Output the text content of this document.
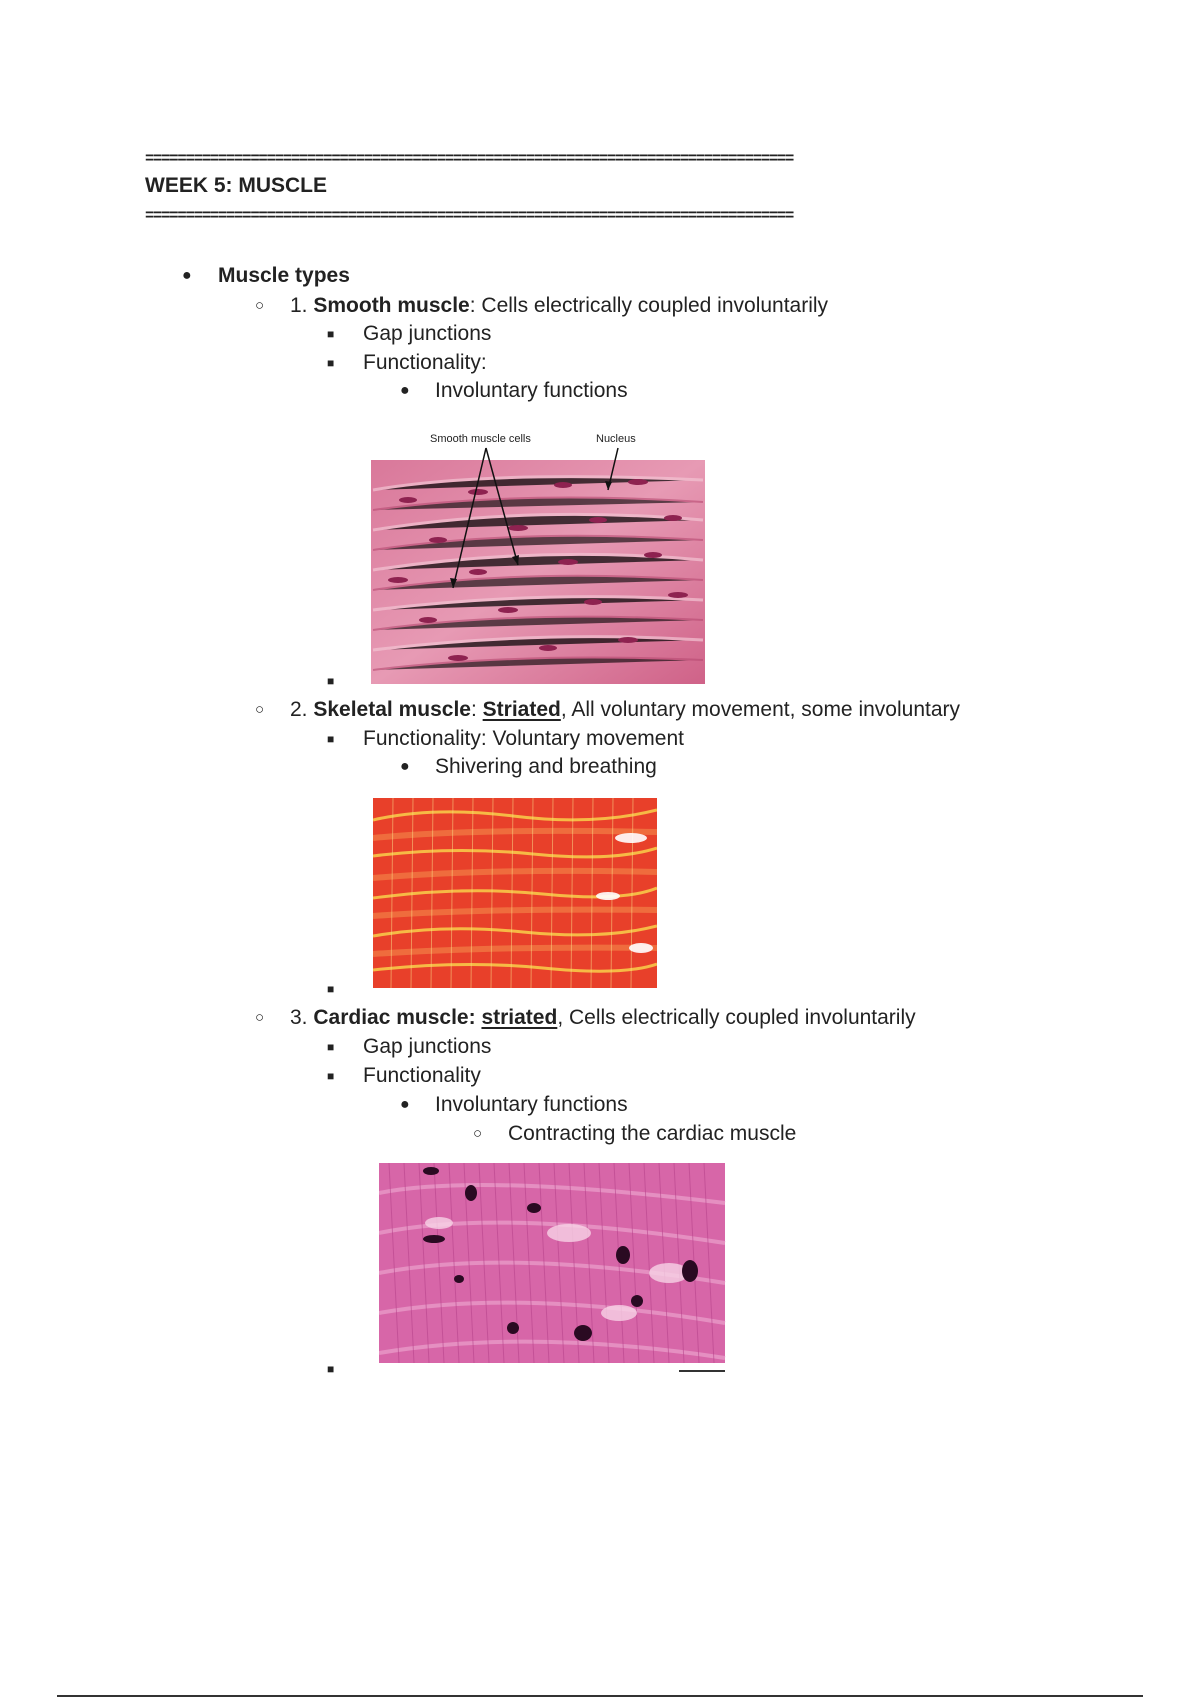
================================================================================
WEEK 5: MUSCLE
================================================================================
● Muscle types
○ 1. Smooth muscle: Cells electrically coupled involuntarily
■ Gap junctions
■ Functionality:
● Involuntary functions
Smooth muscle cells	Nucleus
■
○ 2. Skeletal muscle: Striated, All voluntary movement, some involuntary
■ Functionality: Voluntary movement
● Shivering and breathing
■
○ 3. Cardiac muscle: striated, Cells electrically coupled involuntarily
■ Gap junctions
■ Functionality
● Involuntary functions
○ Contracting the cardiac muscle
■
